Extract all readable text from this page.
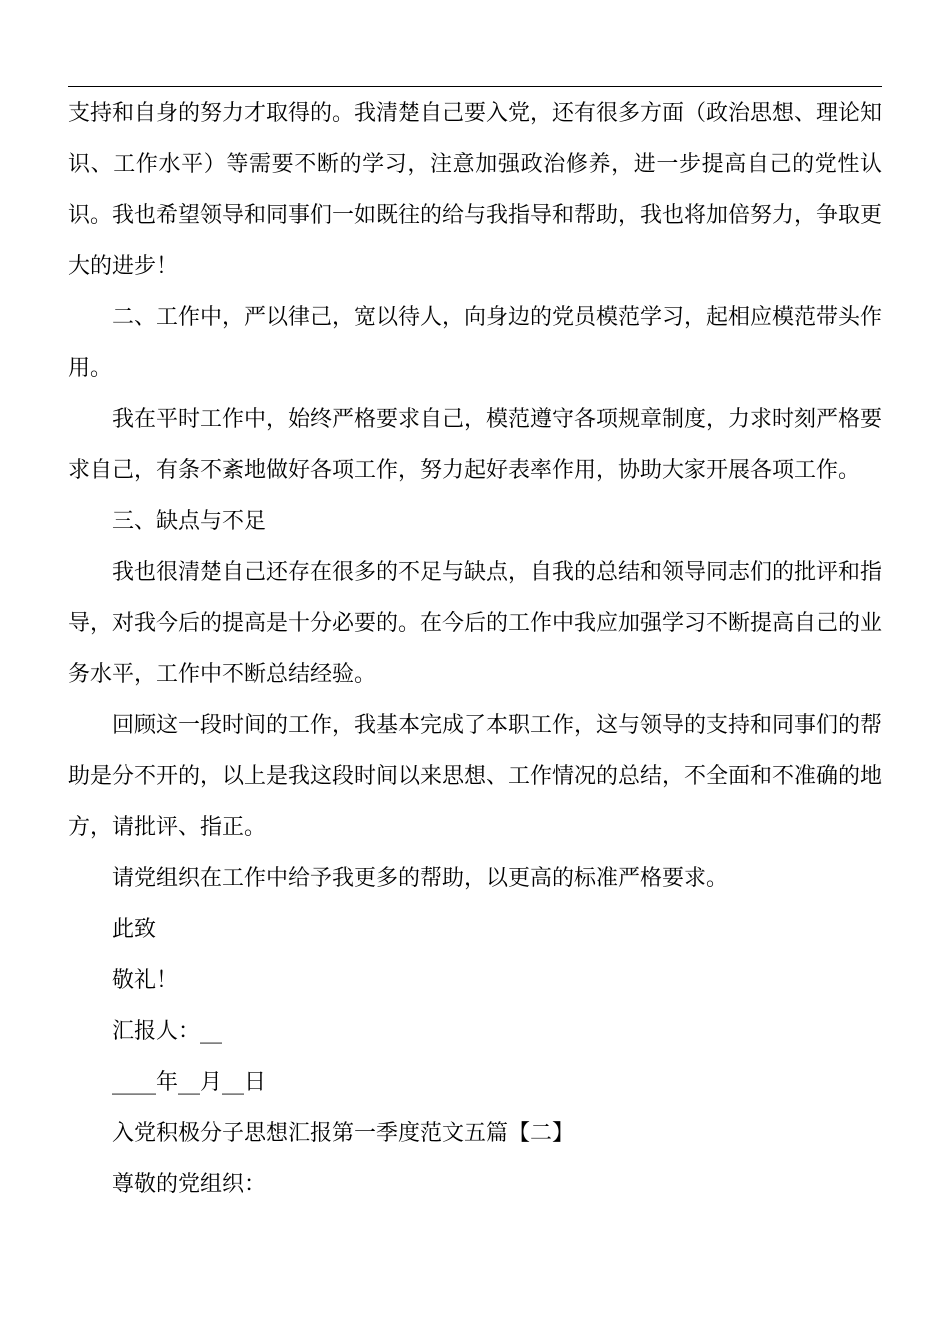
支持和自身的努力才取得的。我清楚自己要入党，还有很多方面（政治思想、理论知识、工作水平）等需要不断的学习，注意加强政治修养，进一步提高自己的党性认识。我也希望领导和同事们一如既往的给与我指导和帮助，我也将加倍努力，争取更大的进步！

二、工作中，严以律己，宽以待人，向身边的党员模范学习，起相应模范带头作用。

我在平时工作中，始终严格要求自己，模范遵守各项规章制度，力求时刻严格要求自己，有条不紊地做好各项工作，努力起好表率作用，协助大家开展各项工作。

三、缺点与不足

我也很清楚自己还存在很多的不足与缺点，自我的总结和领导同志们的批评和指导，对我今后的提高是十分必要的。在今后的工作中我应加强学习不断提高自己的业务水平，工作中不断总结经验。

回顾这一段时间的工作，我基本完成了本职工作，这与领导的支持和同事们的帮助是分不开的，以上是我这段时间以来思想、工作情况的总结，不全面和不准确的地方，请批评、指正。

请党组织在工作中给予我更多的帮助，以更高的标准严格要求。

此致

敬礼！

汇报人：__

____年__月__日

入党积极分子思想汇报第一季度范文五篇【二】

尊敬的党组织：
